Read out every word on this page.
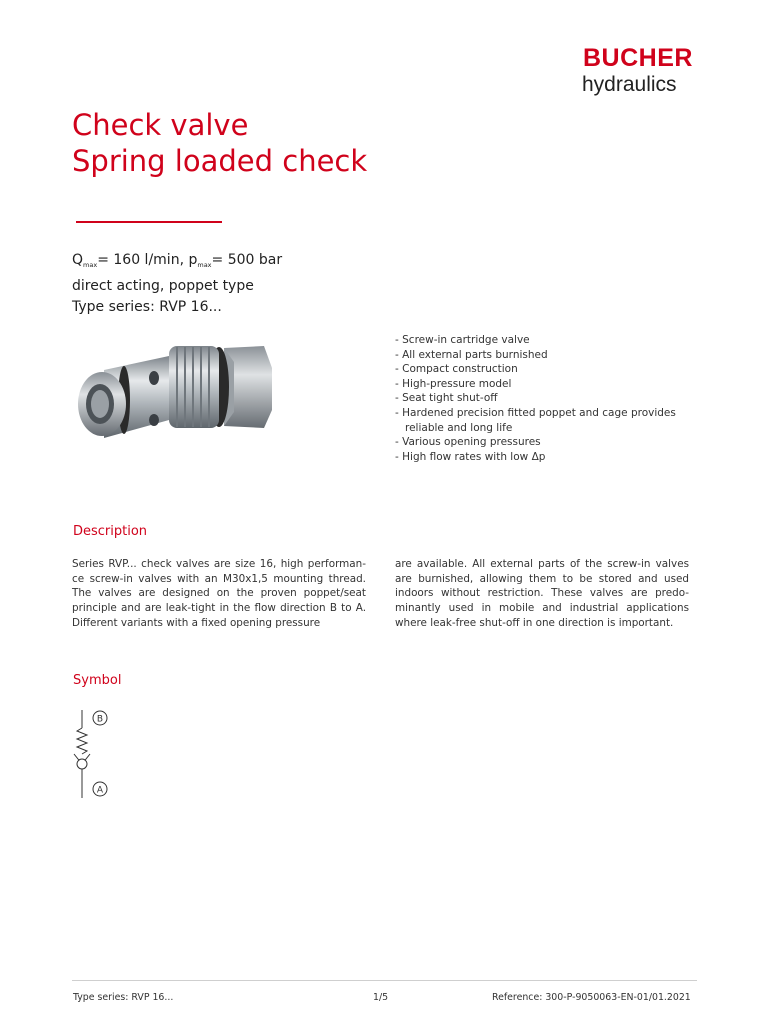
BUCHER
hydraulics
Check valve
Spring loaded check
$Q_{max}= 160$ l/min, $p_{max}= 500$ bar
direct acting, poppet type
Type series: RVP 16...
- Screw-in cartridge valve
- All external parts burnished
- Compact construction
- High-pressure model
- Seat tight shut-off
- Hardened precision fitted poppet and cage provides
reliable and long life
- Various opening pressures
- High flow rates with low Δp
Description
Series RVP... check valves are size 16, high performan-ce screw-in valves with an M30x1,5 mounting thread. The valves are designed on the proven poppet/seat principle and are leak-tight in the flow direction B to A. Different variants with a fixed opening pressure
are available. All external parts of the screw-in valves are burnished, allowing them to be stored and used indoors without restriction. These valves are predo-minantly used in mobile and industrial applications where leak-free shut-off in one direction is important.
Symbol
B
A
Type series: RVP 16...	1/5	Reference: 300-P-9050063-EN-01/01.2021
